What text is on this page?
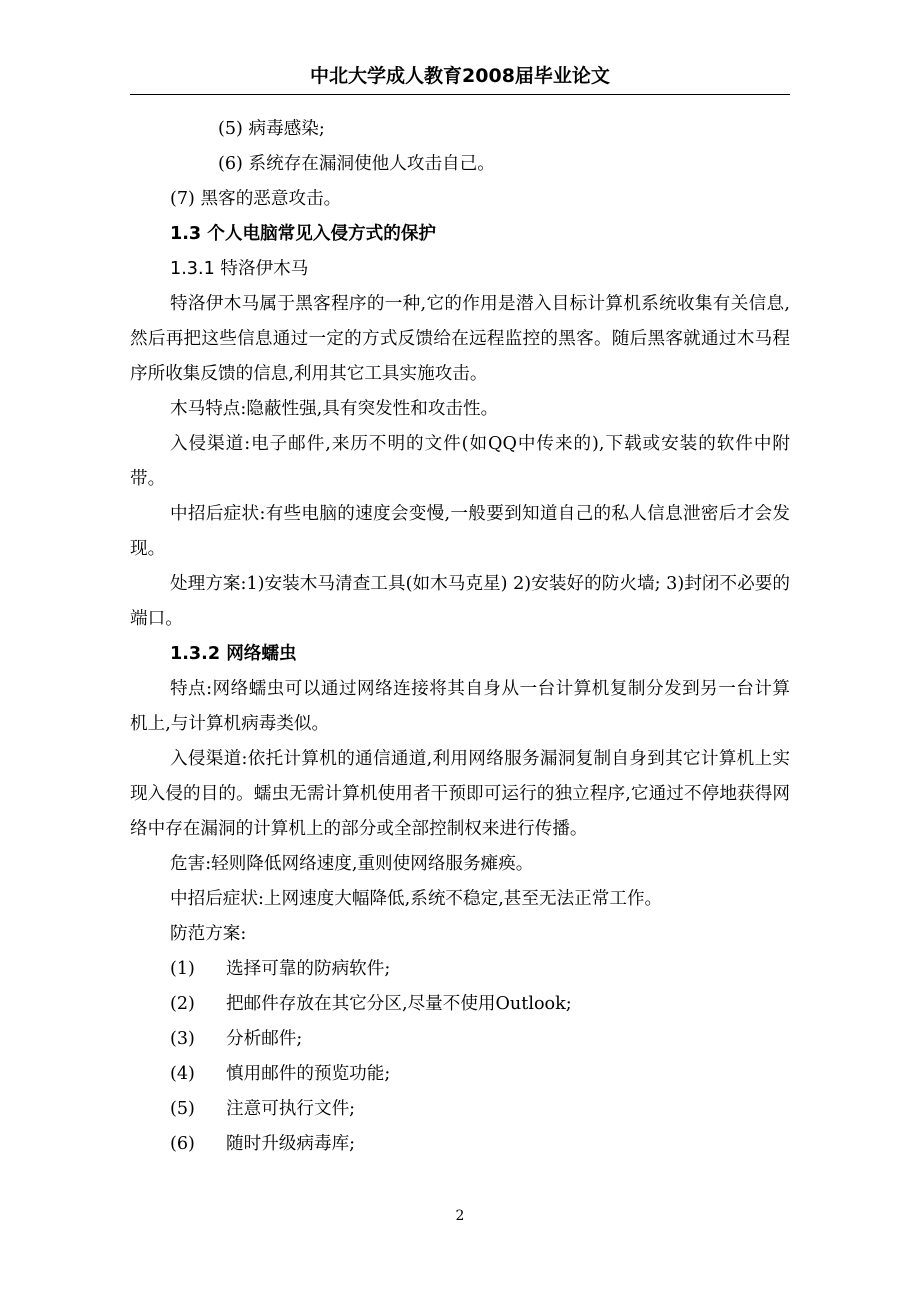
中北大学成人教育2008届毕业论文

(5) 病毒感染;

(6) 系统存在漏洞使他人攻击自己。

(7) 黑客的恶意攻击。

1.3 个人电脑常见入侵方式的保护

1.3.1 特洛伊木马

特洛伊木马属于黑客程序的一种,它的作用是潜入目标计算机系统收集有关信息,然后再把这些信息通过一定的方式反馈给在远程监控的黑客。随后黑客就通过木马程序所收集反馈的信息,利用其它工具实施攻击。

木马特点:隐蔽性强,具有突发性和攻击性。

入侵渠道:电子邮件,来历不明的文件(如QQ中传来的),下载或安装的软件中附带。

中招后症状:有些电脑的速度会变慢,一般要到知道自己的私人信息泄密后才会发现。

处理方案:1)安装木马清查工具(如木马克星) 2)安装好的防火墙; 3)封闭不必要的端口。

1.3.2 网络蠕虫

特点:网络蠕虫可以通过网络连接将其自身从一台计算机复制分发到另一台计算机上,与计算机病毒类似。

入侵渠道:依托计算机的通信通道,利用网络服务漏洞复制自身到其它计算机上实现入侵的目的。蠕虫无需计算机使用者干预即可运行的独立程序,它通过不停地获得网络中存在漏洞的计算机上的部分或全部控制权来进行传播。

危害:轻则降低网络速度,重则使网络服务瘫痪。

中招后症状:上网速度大幅降低,系统不稳定,甚至无法正常工作。

防范方案:

(1) 选择可靠的防病软件;

(2) 把邮件存放在其它分区,尽量不使用Outlook;

(3) 分析邮件;

(4) 慎用邮件的预览功能;

(5) 注意可执行文件;

(6) 随时升级病毒库;

2
